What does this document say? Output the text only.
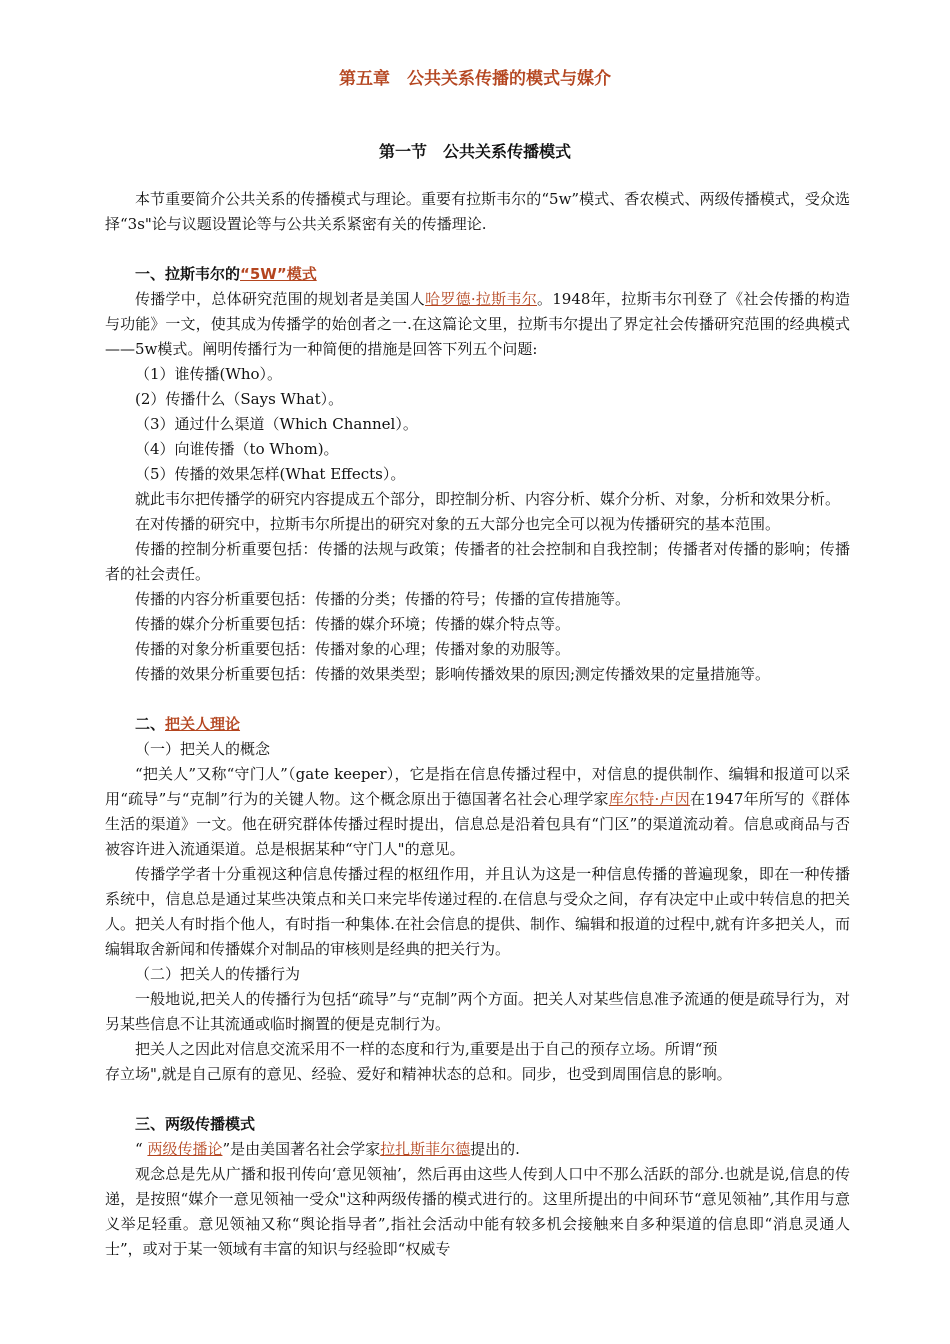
第五章　公共关系传播的模式与媒介
第一节　公共关系传播模式

本节重要简介公共关系的传播模式与理论。重要有拉斯韦尔的“5w”模式、香农模式、两级传播模式，受众选择“3s"论与议题设置论等与公共关系紧密有关的传播理论.

一、拉斯韦尔的“5W”模式

传播学中，总体研究范围的规划者是美国人哈罗德·拉斯韦尔。1948年，拉斯韦尔刊登了《社会传播的构造与功能》一文，使其成为传播学的始创者之一.在这篇论文里，拉斯韦尔提出了界定社会传播研究范围的经典模式——5w模式。阐明传播行为一种简便的措施是回答下列五个问题:

（1）谁传播(Who）。

(2）传播什么（Says What）。

（3）通过什么渠道（Which Channel）。

（4）向谁传播（to Whom)。

（5）传播的效果怎样(What Effects）。

就此韦尔把传播学的研究内容提成五个部分，即控制分析、内容分析、媒介分析、对象，分析和效果分析。

在对传播的研究中，拉斯韦尔所提出的研究对象的五大部分也完全可以视为传播研究的基本范围。

传播的控制分析重要包括：传播的法规与政策；传播者的社会控制和自我控制；传播者对传播的影响；传播者的社会责任。

传播的内容分析重要包括：传播的分类；传播的符号；传播的宣传措施等。

传播的媒介分析重要包括：传播的媒介环境；传播的媒介特点等。

传播的对象分析重要包括：传播对象的心理；传播对象的劝服等。

传播的效果分析重要包括：传播的效果类型；影响传播效果的原因;测定传播效果的定量措施等。

二、把关人理论

（一）把关人的概念

“把关人”又称“守门人”（gate keeper），它是指在信息传播过程中，对信息的提供制作、编辑和报道可以采用“疏导”与“克制”行为的关键人物。这个概念原出于德国著名社会心理学家库尔特·卢因在1947年所写的《群体生活的渠道》一文。他在研究群体传播过程时提出，信息总是沿着包具有“门区”的渠道流动着。信息或商品与否被容许进入流通渠道。总是根据某种“守门人"的意见。

传播学学者十分重视这种信息传播过程的枢纽作用，并且认为这是一种信息传播的普遍现象，即在一种传播系统中，信息总是通过某些决策点和关口来完毕传递过程的.在信息与受众之间，存有决定中止或中转信息的把关人。把关人有时指个他人，有时指一种集体.在社会信息的提供、制作、编辑和报道的过程中,就有许多把关人，而编辑取舍新闻和传播媒介对制品的审核则是经典的把关行为。

（二）把关人的传播行为

一般地说,把关人的传播行为包括“疏导”与“克制”两个方面。把关人对某些信息准予流通的便是疏导行为，对另某些信息不让其流通或临时搁置的便是克制行为。

把关人之因此对信息交流采用不一样的态度和行为,重要是出于自己的预存立场。所谓“预

存立场",就是自己原有的意见、经验、爱好和精神状态的总和。同步，也受到周围信息的影响。

三、两级传播模式

“ 两级传播论”是由美国著名社会学家拉扎斯菲尔德提出的.

观念总是先从广播和报刊传向‘意见领袖’，然后再由这些人传到人口中不那么活跃的部分.也就是说,信息的传递，是按照“媒介一意见领袖一受众"这种两级传播的模式进行的。这里所提出的中间环节“意见领袖”,其作用与意义举足轻重。意见领袖又称“舆论指导者”,指社会活动中能有较多机会接触来自多种渠道的信息即“消息灵通人士”，或对于某一领域有丰富的知识与经验即“权威专
